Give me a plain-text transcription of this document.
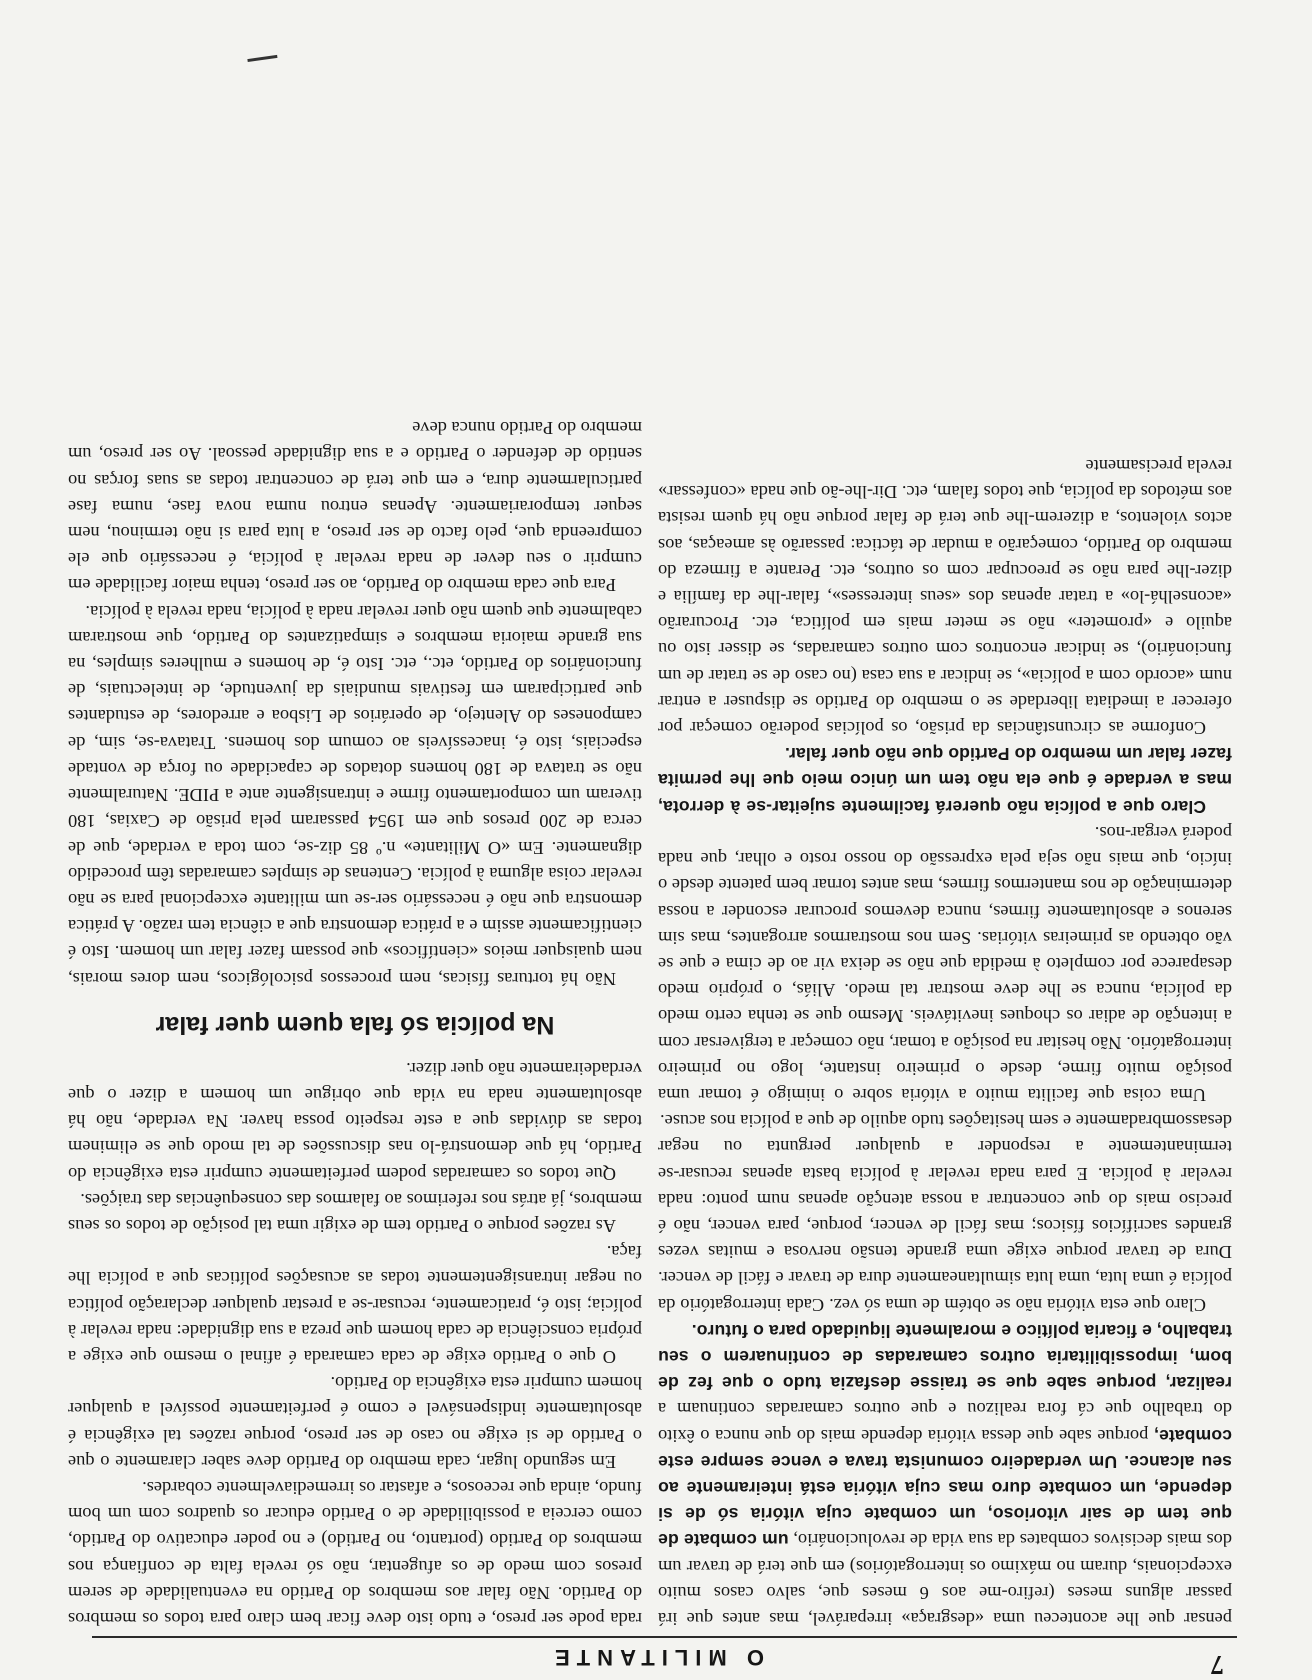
7
O MILITANTE

pensar que lhe aconteceu uma «desgraça» irreparável, mas antes que irá passar alguns meses (refiro-me aos 6 meses que, salvo casos muito excepcionais, duram no máximo os interrogatórios) em que terá de travar um dos mais decisivos combates da sua vida de revolucionário, um combate de que tem de sair vitorioso, um combate cuja vitória só de si depende, um combate duro mas cuja vitória está inteiramente ao seu alcance. Um verdadeiro comunista trava e vence sempre este combate, porque sabe que dessa vitória depende mais do que nunca o êxito do trabalho que cá fora realizou e que outros camaradas continuam a realizar, porque sabe que se traisse desfazia tudo o que fez de bom, impossibilitaria outros camaradas de continuarem o seu trabalho, e ficaria político e moralmente liquidado para o futuro.

Claro que esta vitória não se obtém de uma só vez. Cada interrogatório da polícia é uma luta, uma luta simultaneamente dura de travar e fácil de vencer. Dura de travar porque exige uma grande tensão nervosa e muitas vezes grandes sacrifícios físicos; mas fácil de vencer, porque, para vencer, não é preciso mais do que concentrar a nossa atenção apenas num ponto: nada revelar à polícia. E para nada revelar à polícia basta apenas recusar-se terminantemente a responder a qualquer pergunta ou negar desassombradamente e sem hesitações tudo aquilo de que a polícia nos acuse.

Uma coisa que facilita muito a vitória sobre o inimigo é tomar uma posição muito firme, desde o primeiro instante, logo no primeiro interrogatório. Não hesitar na posição a tomar, não começar a tergiversar com a intenção de adiar os choques inevitáveis. Mesmo que se tenha certo medo da polícia, nunca se lhe deve mostrar tal medo. Aliás, o próprio medo desaparece por completo à medida que não se deixa vir ao de cima e que se vão obtendo as primeiras vitórias. Sem nos mostrarmos arrogantes, mas sim serenos e absolutamente firmes, nunca devemos procurar esconder a nossa determinação de nos mantermos firmes, mas antes tornar bem patente desde o início, que mais não seja pela expressão do nosso rosto e olhar, que nada poderá vergar-nos.

Claro que a polícia não quererá facilmente sujeitar-se à derrota, mas a verdade é que ela não tem um único meio que lhe permita fazer falar um membro do Partido que não quer falar.

Conforme as circunstâncias da prisão, os polícias poderão começar por oferecer a imediata liberdade se o membro do Partido se dispuser a entrar num «acordo com a polícia», se indicar a sua casa (no caso de se tratar de um funcionário), se indicar encontros com outros camaradas, se disser isto ou aquilo e «prometer» não se meter mais em política, etc. Procurarão «aconselhá-lo» a tratar apenas dos «seus interesses», falar-lhe da família e dizer-lhe para não se preocupar com os outros, etc. Perante a firmeza do membro do Partido, começarão a mudar de táctica: passarão às ameaças, aos actos violentos, a dizerem-lhe que terá de falar porque não há quem resista aos métodos da polícia, que todos falam, etc. Dir-lhe-ão que nada «confessar» revela precisamente

rada pode ser preso, e tudo isto deve ficar bem claro para todos os membros do Partido. Não falar aos membros do Partido na eventualidade de serem presos com medo de os afugentar, não só revela falta de confiança nos membros do Partido (portanto, no Partido) e no poder educativo do Partido, como cerceia a possibilidade de o Partido educar os quadros com um bom fundo, ainda que receosos, e afastar os irremediavelmente cobardes.

Em segundo lugar, cada membro do Partido deve saber claramente o que o Partido de si exige no caso de ser preso, porque razões tal exigência é absolutamente indispensável e como é perfeitamente possível a qualquer homem cumprir esta exigência do Partido.

O que o Partido exige de cada camarada é afinal o mesmo que exige a própria consciência de cada homem que preza a sua dignidade: nada revelar à polícia; isto é, praticamente, recusar-se a prestar qualquer declaração política ou negar intransigentemente todas as acusações políticas que a polícia lhe faça.

As razões porque o Partido tem de exigir uma tal posição de todos os seus membros, já atrás nos referimos ao falarmos das consequências das traições.

Que todos os camaradas podem perfeitamente cumprir esta exigência do Partido, há que demonstrá-lo nas discussões de tal modo que se eliminem todas as dúvidas que a este respeito possa haver. Na verdade, não há absolutamente nada na vida que obrigue um homem a dizer o que verdadeiramente não quer dizer.

Na polícia só fala quem quer falar

Não há torturas físicas, nem processos psicológicos, nem dores morais, nem quaisquer meios «científicos» que possam fazer falar um homem. Isto é cientificamente assim e a prática demonstra que a ciência tem razão. A prática demonstra que não é necessário ser-se um militante excepcional para se não revelar coisa alguma à polícia. Centenas de simples camaradas têm procedido dignamente. Em «O Militante» n.º 85 diz-se, com toda a verdade, que de cerca de 200 presos que em 1954 passaram pela prisão de Caxias, 180 tiveram um comportamento firme e intransigente ante a PIDE. Naturalmente não se tratava de 180 homens dotados de capacidade ou força de vontade especiais, isto é, inacessíveis ao comum dos homens. Tratava-se, sim, de camponeses do Alentejo, de operários de Lisboa e arredores, de estudantes que participaram em festivais mundiais da juventude, de intelectuais, de funcionários do Partido, etc., etc. Isto é, de homens e mulheres simples, na sua grande maioria membros e simpatizantes do Partido, que mostraram cabalmente que quem não quer revelar nada à polícia, nada revela à polícia.

Para que cada membro do Partido, ao ser preso, tenha maior facilidade em cumprir o seu dever de nada revelar à polícia, é necessário que ele compreenda que, pelo facto de ser preso, a luta para si não terminou, nem sequer temporariamente. Apenas entrou numa nova fase, numa fase particularmente dura, e em que terá de concentrar todas as suas forças no sentido de defender o Partido e a sua dignidade pessoal. Ao ser preso, um membro do Partido nunca deve
